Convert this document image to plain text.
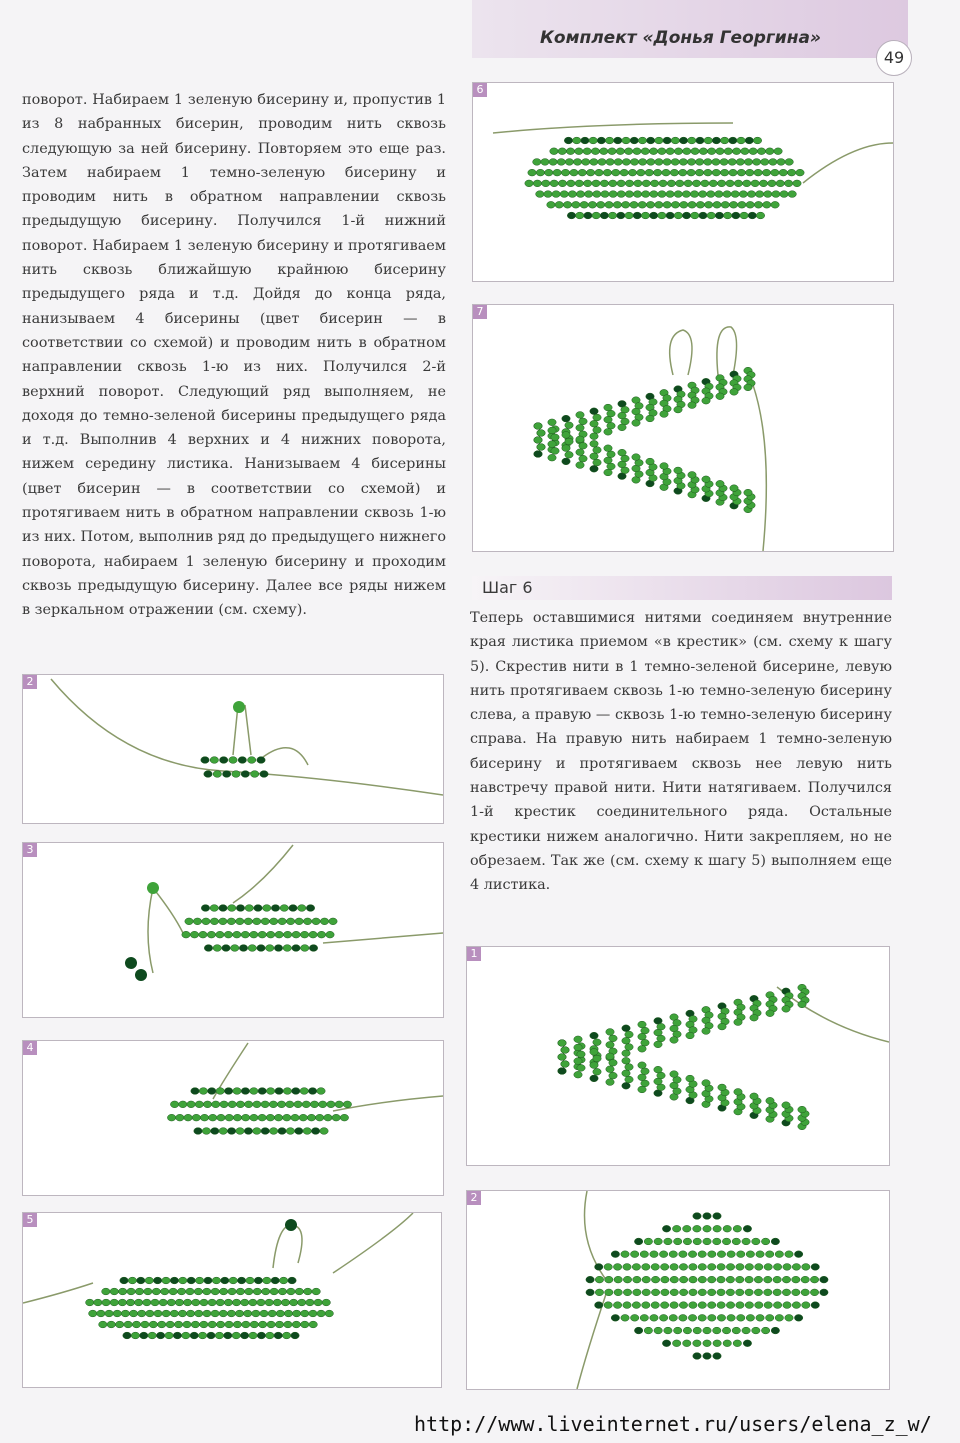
Комплект «Донья Георгина»
49
поворот. Набираем 1 зеленую бисерину и, пропустив 1 из 8 набранных бисерин, проводим нить сквозь следующую за ней бисерину. Повторяем это еще раз. Затем набираем 1 темно-зеленую бисерину и проводим нить в обратном направлении сквозь предыдущую бисерину. Получился 1-й нижний поворот. Набираем 1 зеленую бисерину и протягиваем нить сквозь ближайшую крайнюю бисерину предыдущего ряда и т.д. Дойдя до конца ряда, нанизываем 4 бисерины (цвет бисерин — в соответствии со схемой) и проводим нить в обратном направлении сквозь 1-ю из них. Получился 2-й верхний поворот. Следующий ряд выполняем, не доходя до темно-зеленой бисерины предыдущего ряда и т.д. Выполнив 4 верхних и 4 нижних поворота, нижем середину листика. Нанизываем 4 бисерины (цвет бисерин — в соответствии со схемой) и протягиваем нить в обратном направлении сквозь 1-ю из них. Потом, выполнив ряд до предыдущего нижнего поворота, набираем 1 зеленую бисерину и проходим сквозь предыдущую бисерину. Далее все ряды нижем в зеркальном отражении (см. схему).
2
3
4
5
6
7
Шаг 6
Теперь оставшимися нитями соединяем внутренние края листика приемом «в крестик» (см. схему к шагу 5). Скрестив нити в 1 темно-зеленой бисерине, левую нить протягиваем сквозь 1-ю темно-зеленую бисерину слева, а правую — сквозь 1-ю темно-зеленую бисерину справа. На правую нить набираем 1 темно-зеленую бисерину и протягиваем сквозь нее левую нить навстречу правой нити. Нити натягиваем. Получился 1-й крестик соединительного ряда. Остальные крестики нижем аналогично. Нити закрепляем, но не обрезаем. Так же (см. схему к шагу 5) выполняем еще 4 листика.
1
2
http://www.liveinternet.ru/users/elena_z_w/
